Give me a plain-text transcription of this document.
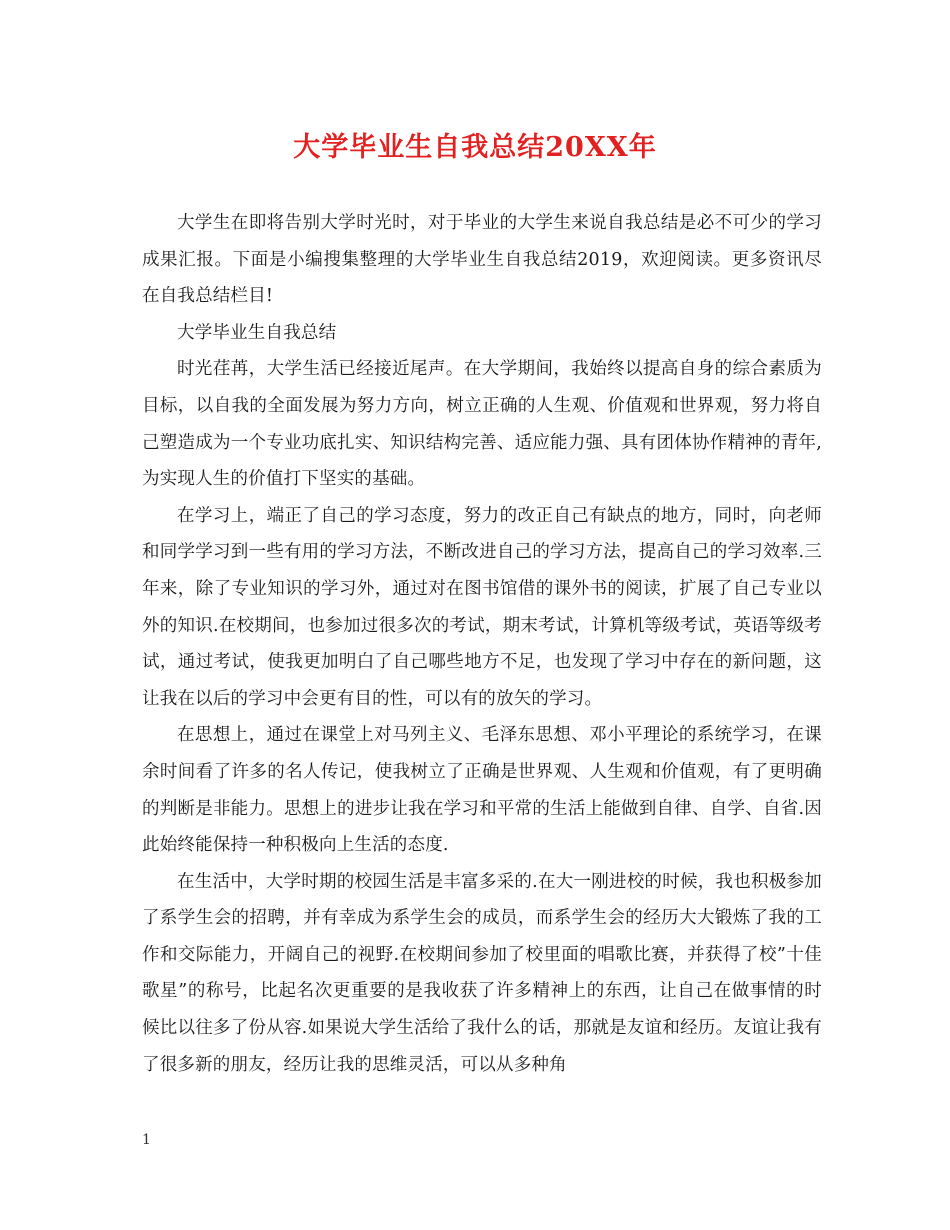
大学毕业生自我总结20XX年

大学生在即将告别大学时光时，对于毕业的大学生来说自我总结是必不可少的学习成果汇报。下面是小编搜集整理的大学毕业生自我总结2019，欢迎阅读。更多资讯尽在自我总结栏目!

大学毕业生自我总结

时光荏苒，大学生活已经接近尾声。在大学期间，我始终以提高自身的综合素质为目标，以自我的全面发展为努力方向，树立正确的人生观、价值观和世界观，努力将自己塑造成为一个专业功底扎实、知识结构完善、适应能力强、具有团体协作精神的青年,为实现人生的价值打下坚实的基础。

在学习上，端正了自己的学习态度，努力的改正自己有缺点的地方，同时，向老师和同学学习到一些有用的学习方法，不断改进自己的学习方法，提高自己的学习效率.三年来，除了专业知识的学习外，通过对在图书馆借的课外书的阅读，扩展了自己专业以外的知识.在校期间，也参加过很多次的考试，期末考试，计算机等级考试，英语等级考试，通过考试，使我更加明白了自己哪些地方不足，也发现了学习中存在的新问题，这让我在以后的学习中会更有目的性，可以有的放矢的学习。

在思想上，通过在课堂上对马列主义、毛泽东思想、邓小平理论的系统学习，在课余时间看了许多的名人传记，使我树立了正确是世界观、人生观和价值观，有了更明确的判断是非能力。思想上的进步让我在学习和平常的生活上能做到自律、自学、自省.因此始终能保持一种积极向上生活的态度.

在生活中，大学时期的校园生活是丰富多采的.在大一刚进校的时候，我也积极参加了系学生会的招聘，并有幸成为系学生会的成员，而系学生会的经历大大锻炼了我的工作和交际能力，开阔自己的视野.在校期间参加了校里面的唱歌比赛，并获得了校”十佳歌星”的称号，比起名次更重要的是我收获了许多精神上的东西，让自己在做事情的时候比以往多了份从容.如果说大学生活给了我什么的话，那就是友谊和经历。友谊让我有了很多新的朋友，经历让我的思维灵活，可以从多种角

1
